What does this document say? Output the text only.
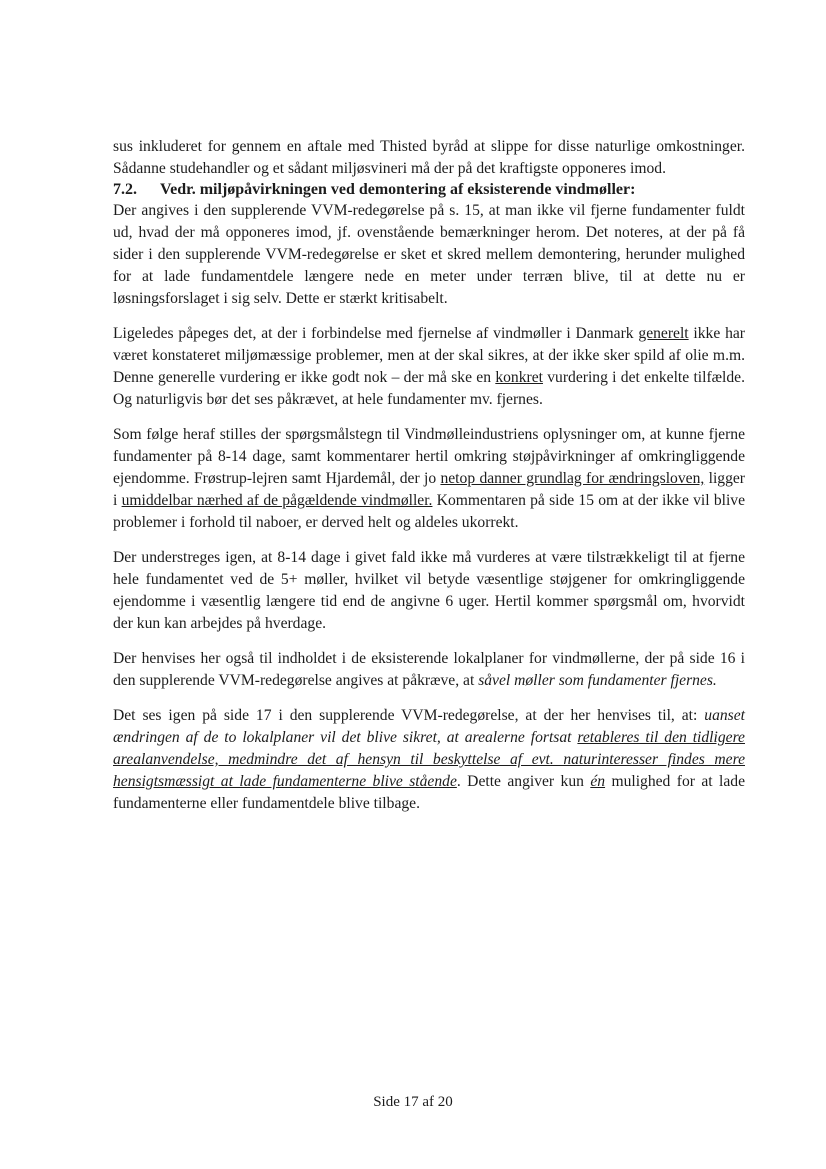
sus inkluderet for gennem en aftale med Thisted byråd at slippe for disse naturlige omkostninger. Sådanne studehandler og et sådant miljøsvineri må der på det kraftigste opponeres imod.

7.2. Vedr. miljøpåvirkningen ved demontering af eksisterende vindmøller:

Der angives i den supplerende VVM-redegørelse på s. 15, at man ikke vil fjerne fundamenter fuldt ud, hvad der må opponeres imod, jf. ovenstående bemærkninger herom. Det noteres, at der på få sider i den supplerende VVM-redegørelse er sket et skred mellem demontering, herunder mulighed for at lade fundamentdele længere nede en meter under terræn blive, til at dette nu er løsningsforslaget i sig selv. Dette er stærkt kritisabelt.

Ligeledes påpeges det, at der i forbindelse med fjernelse af vindmøller i Danmark generelt ikke har været konstateret miljømæssige problemer, men at der skal sikres, at der ikke sker spild af olie m.m. Denne generelle vurdering er ikke godt nok – der må ske en konkret vurdering i det enkelte tilfælde. Og naturligvis bør det ses påkrævet, at hele fundamenter mv. fjernes.

Som følge heraf stilles der spørgsmålstegn til Vindmølleindustriens oplysninger om, at kunne fjerne fundamenter på 8-14 dage, samt kommentarer hertil omkring støjpåvirkninger af omkringliggende ejendomme. Frøstrup-lejren samt Hjardemål, der jo netop danner grundlag for ændringsloven, ligger i umiddelbar nærhed af de pågældende vindmøller. Kommentaren på side 15 om at der ikke vil blive problemer i forhold til naboer, er derved helt og aldeles ukorrekt.

Der understreges igen, at 8-14 dage i givet fald ikke må vurderes at være tilstrækkeligt til at fjerne hele fundamentet ved de 5+ møller, hvilket vil betyde væsentlige støjgener for omkringliggende ejendomme i væsentlig længere tid end de angivne 6 uger. Hertil kommer spørgsmål om, hvorvidt der kun kan arbejdes på hverdage.

Der henvises her også til indholdet i de eksisterende lokalplaner for vindmøllerne, der på side 16 i den supplerende VVM-redegørelse angives at påkræve, at såvel møller som fundamenter fjernes.

Det ses igen på side 17 i den supplerende VVM-redegørelse, at der her henvises til, at: uanset ændringen af de to lokalplaner vil det blive sikret, at arealerne fortsat retableres til den tidligere arealanvendelse, medmindre det af hensyn til beskyttelse af evt. naturinteresser findes mere hensigtsmæssigt at lade fundamenterne blive stående. Dette angiver kun én mulighed for at lade fundamenterne eller fundamentdele blive tilbage.

Side 17 af 20
